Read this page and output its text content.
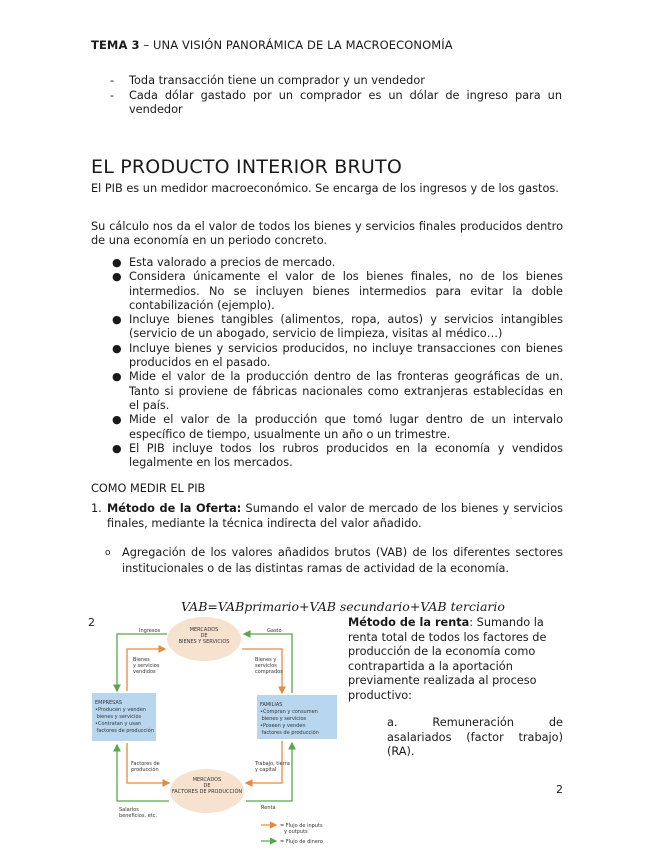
TEMA 3 – UNA VISIÓN PANORÁMICA DE LA MACROECONOMÍA
- Toda transacción tiene un comprador y un vendedor
- Cada dólar gastado por un comprador es un dólar de ingreso para un vendedor
EL PRODUCTO INTERIOR BRUTO
El PIB es un medidor macroeconómico. Se encarga de los ingresos y de los gastos.
Su cálculo nos da el valor de todos los bienes y servicios finales producidos dentro de una economía en un periodo concreto.
● Esta valorado a precios de mercado.
● Considera únicamente el valor de los bienes finales, no de los bienes intermedios. No se incluyen bienes intermedios para evitar la doble contabilización (ejemplo).
● Incluye bienes tangibles (alimentos, ropa, autos) y servicios intangibles (servicio de un abogado, servicio de limpieza, visitas al médico…)
● Incluye bienes y servicios producidos, no incluye transacciones con bienes producidos en el pasado.
● Mide el valor de la producción dentro de las fronteras geográficas de un. Tanto si proviene de fábricas nacionales como extranjeras establecidas en el país.
● Mide el valor de la producción que tomó lugar dentro de un intervalo específico de tiempo, usualmente un año o un trimestre.
● El PIB incluye todos los rubros producidos en la economía y vendidos legalmente en los mercados.
COMO MEDIR EL PIB
1. Método de la Oferta: Sumando el valor de mercado de los bienes y servicios finales, mediante la técnica indirecta del valor añadido.
o Agregación de los valores añadidos brutos (VAB) de los diferentes sectores institucionales o de las distintas ramas de actividad de la economía.
VAB=VABprimario+VAB secundario+VAB terciario
2
MERCADOS DE BIENES Y SERVICIOS
MERCADOS DE FACTORES DE PRODUCCIÓN
EMPRESAS •Producen y venden bienes y servicios •Contratan y usan factores de producción
FAMILIAS •Compran y consumen bienes y servicios •Poseen y venden factores de producción
Ingresos	Gasto
Bienes y servicios vendidos
Bienes y servicios comprados
Factores de producción
Trabajo, tierra y capital
Salarios beneficios, etc.
Renta
= Flujo de inputs y outputs
= Flujo de dinero
Método de la renta: Sumando la renta total de todos los factores de producción de la economía como contrapartida a la aportación previamente realizada al proceso productivo:
a. Remuneración de asalariados (factor trabajo) (RA).
2
